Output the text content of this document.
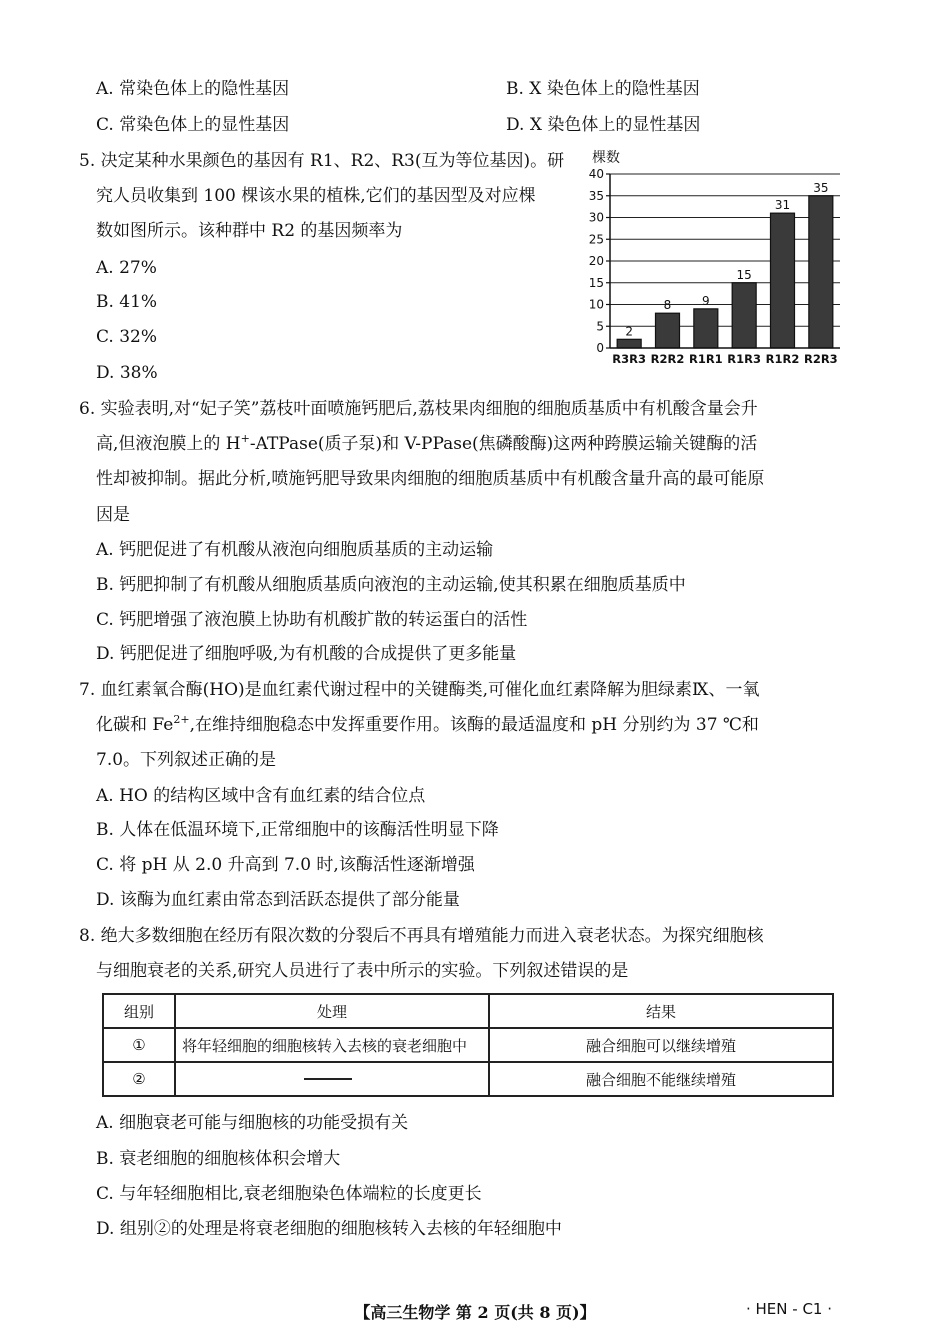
A. 常染色体上的隐性基因	B. X 染色体上的隐性基因
C. 常染色体上的显性基因	D. X 染色体上的显性基因
5. 决定某种水果颜色的基因有 R1、R2、R3(互为等位基因)。研
究人员收集到 100 棵该水果的植株,它们的基因型及对应棵
数如图所示。该种群中 R2 的基因频率为
A. 27%
B. 41%
C. 32%
D. 38%
棵数
0
5
10
15
20
25
30
35
40
2
8	9
15
31
35
R3R3 R2R2 R1R1 R1R3 R1R2 R2R3
6. 实验表明,对“妃子笑”荔枝叶面喷施钙肥后,荔枝果肉细胞的细胞质基质中有机酸含量会升
高,但液泡膜上的 H+-ATPase(质子泵)和 V-PPase(焦磷酸酶)这两种跨膜运输关键酶的活
性却被抑制。据此分析,喷施钙肥导致果肉细胞的细胞质基质中有机酸含量升高的最可能原
因是
A. 钙肥促进了有机酸从液泡向细胞质基质的主动运输
B. 钙肥抑制了有机酸从细胞质基质向液泡的主动运输,使其积累在细胞质基质中
C. 钙肥增强了液泡膜上协助有机酸扩散的转运蛋白的活性
D. 钙肥促进了细胞呼吸,为有机酸的合成提供了更多能量
7. 血红素氧合酶(HO)是血红素代谢过程中的关键酶类,可催化血红素降解为胆绿素Ⅸ、一氧
化碳和 $Fe^{2+}$,在维持细胞稳态中发挥重要作用。该酶的最适温度和 pH 分别约为 37 ℃和
7.0。下列叙述正确的是
A. HO 的结构区域中含有血红素的结合位点
B. 人体在低温环境下,正常细胞中的该酶活性明显下降
C. 将 pH 从 2.0 升高到 7.0 时,该酶活性逐渐增强
D. 该酶为血红素由常态到活跃态提供了部分能量
8. 绝大多数细胞在经历有限次数的分裂后不再具有增殖能力而进入衰老状态。为探究细胞核
与细胞衰老的关系,研究人员进行了表中所示的实验。下列叙述错误的是
组别	处理	结果
①	将年轻细胞的细胞核转入去核的衰老细胞中	融合细胞可以继续增殖
②		融合细胞不能继续增殖
A. 细胞衰老可能与细胞核的功能受损有关
B. 衰老细胞的细胞核体积会增大
C. 与年轻细胞相比,衰老细胞染色体端粒的长度更长
D. 组别②的处理是将衰老细胞的细胞核转入去核的年轻细胞中
【高三生物学 第 2 页(共 8 页)】	· HEN - C1 ·
